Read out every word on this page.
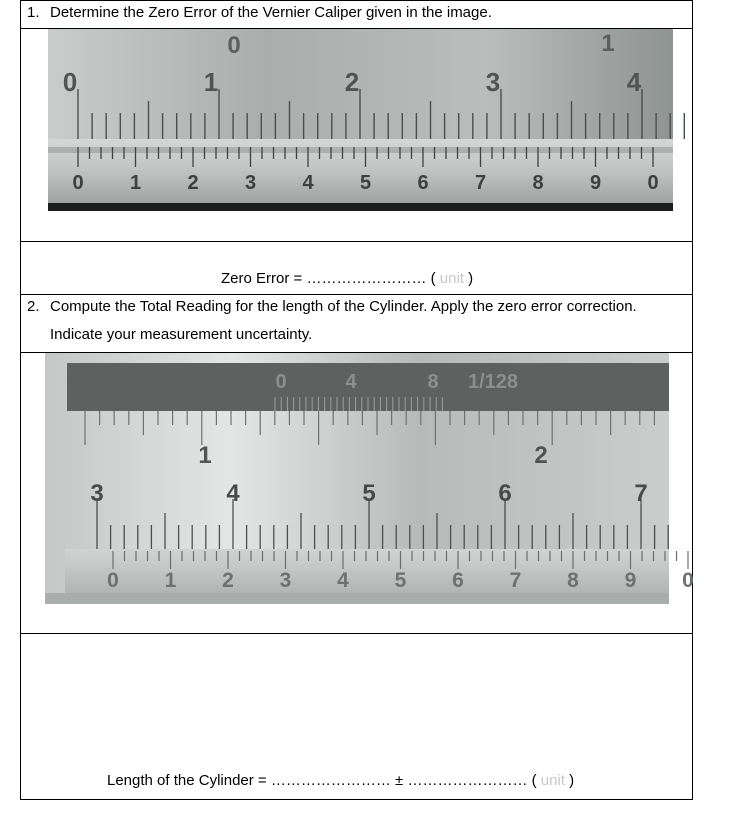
1. Determine the Zero Error of the Vernier Caliper given in the image.
0	1	2	3	4
0	1
0 1 2 3 4 5 6 7 8 9 0
Zero Error = …………………… ( unit )
2. Compute the Total Reading for the length of the Cylinder. Apply the zero error correction.
Indicate your measurement uncertainty.
0	4	8 1/128
1	2
3	4	5	6	7
0 1 2 3 4 5 6 7 8 9 0
Length of the Cylinder = …………………… ± …………………… ( unit )
